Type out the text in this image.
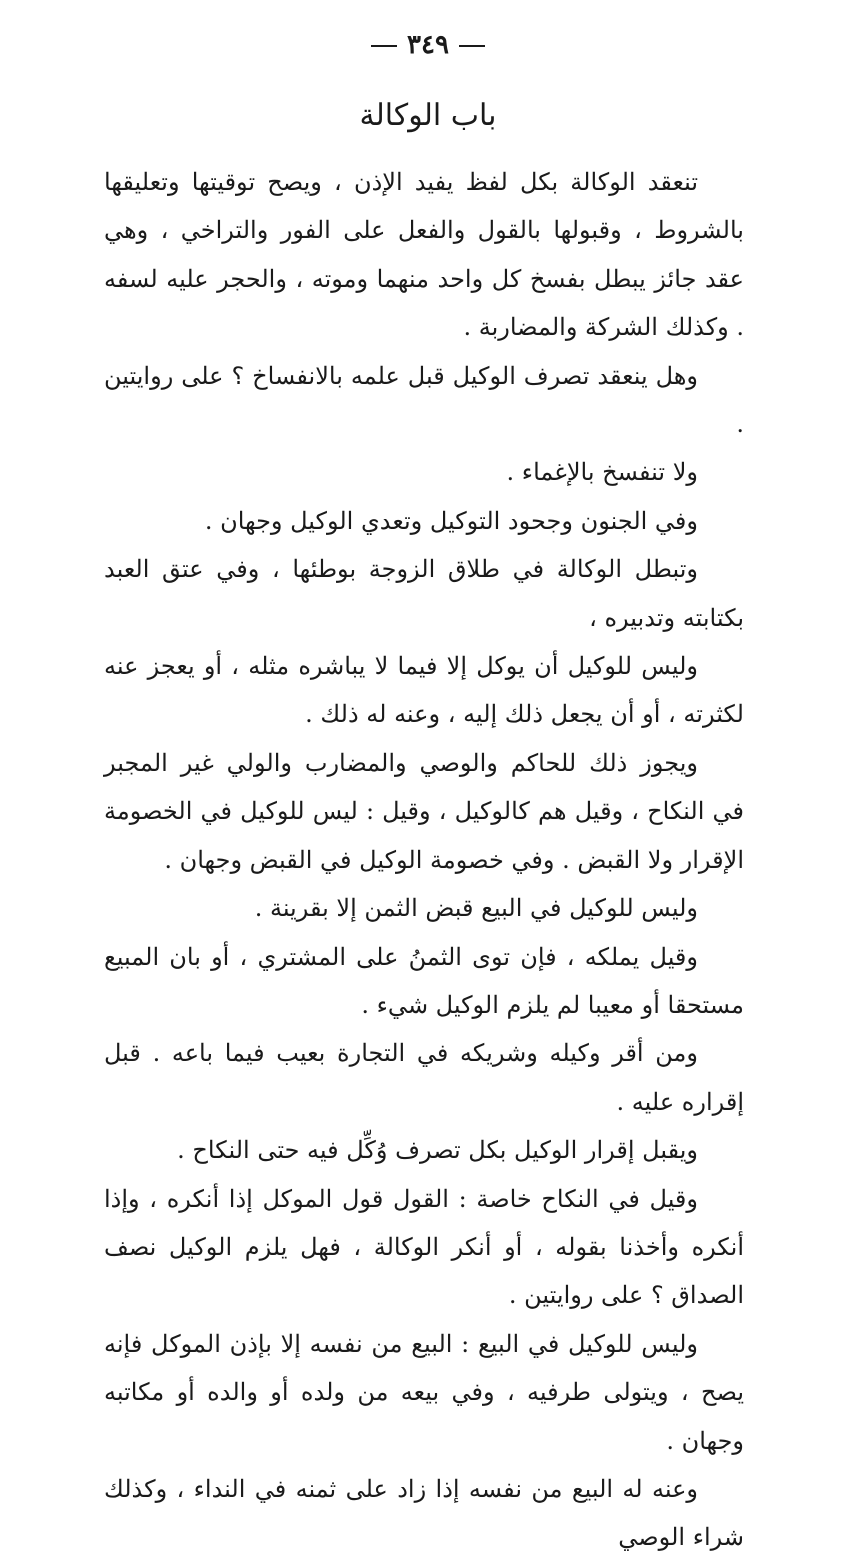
٣٤٩
باب الوكالة

تنعقد الوكالة بكل لفظ يفيد الإذن ، ويصح توقيتها وتعليقها بالشروط ، وقبولها بالقول والفعل على الفور والتراخي ، وهي عقد جائز يبطل بفسخ كل واحد منهما وموته ، والحجر عليه لسفه . وكذلك الشركة والمضاربة .

وهل ينعقد تصرف الوكيل قبل علمه بالانفساخ ؟ على روايتين .

ولا تنفسخ بالإغماء .

وفي الجنون وجحود التوكيل وتعدي الوكيل وجهان .

وتبطل الوكالة في طلاق الزوجة بوطئها ، وفي عتق العبد بكتابته وتدبيره ،

وليس للوكيل أن يوكل إلا فيما لا يباشره مثله ، أو يعجز عنه لكثرته ، أو أن يجعل ذلك إليه ، وعنه له ذلك .

ويجوز ذلك للحاكم والوصي والمضارب والولي غير المجبر في النكاح ، وقيل هم كالوكيل ، وقيل : ليس للوكيل في الخصومة الإقرار ولا القبض . وفي خصومة الوكيل في القبض وجهان .

وليس للوكيل في البيع قبض الثمن إلا بقرينة .

وقيل يملكه ، فإن توى الثمنُ على المشتري ، أو بان المبيع مستحقا أو معيبا لم يلزم الوكيل شيء .

ومن أقر وكيله وشريكه في التجارة بعيب فيما باعه . قبل إقراره عليه .

ويقبل إقرار الوكيل بكل تصرف وُكِّل فيه حتى النكاح .

وقيل في النكاح خاصة : القول قول الموكل إذا أنكره ، وإذا أنكره وأخذنا بقوله ، أو أنكر الوكالة ، فهل يلزم الوكيل نصف الصداق ؟ على روايتين .

وليس للوكيل في البيع : البيع من نفسه إلا بإذن الموكل فإنه يصح ، ويتولى طرفيه ، وفي بيعه من ولده أو والده أو مكاتبه وجهان .

وعنه له البيع من نفسه إذا زاد على ثمنه في النداء ، وكذلك شراء الوصي
